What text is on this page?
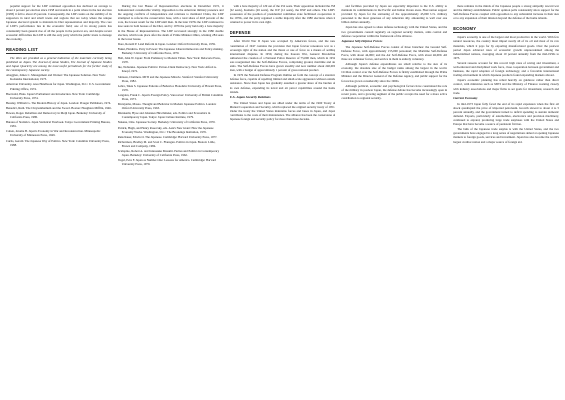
populist support for the LDP continued opposition has declined on average to about 2 percent per election since 1958 and stands in a point where in the last election (1983) it fell to about 45 percent. Consequently, the LDP counts on the stability of its supporters in rural and small towns and regions that are today where the unique Japanese electoral system to maintain its Diet representation and majority. The core of LDP's performance lies in the economic field; one of its strong points has consistently been general rise of all the people in the postwar era, and despite recent economic difficulties the LDP is still the only party which the public trusts to manage the economy.

READING LIST

The titles are provided as a general indication of the materials currently being published on Japan. The Journal of Asian Studies, The Journal of Japanese Studies and Japan Quarterly are among the most useful periodicals for the further study of the contemporary Japanese society.

Abegglen, James C. Management and Worker: The Japanese Solution. New York: Kodansha International, 1973.
American University. Area Handbook for Japan. Washington, D.C.: U.S. Government Printing Office, 1974.
Baerwald, Hans. Japan's Parliament: An Introduction. New York: Cambridge University Press, 1974.
Beasley, William G. The Modern History of Japan. London: Praeger Publishers, 1974.
Benedict, Ruth. The Chrysanthemum and the Sword. Boston: Houghton Mifflin, 1946.
Bowen, Roger. Rebellion and Democracy in Meiji Japan. Berkeley: University of California Press, 1980.
Bureau of Statistics. Japan Statistical Yearbook. Tokyo: Government Printing Bureau, 1981.
Cohen, Jerome B. Japan's Economy in War and Reconstruction. Minneapolis: University of Minnesota Press, 1949.
Curtis, Gerald. The Japanese Way of Politics. New York: Columbia University Press, 1988.

During the last House of Representatives elections in December 1972, it demonstrated considerable vitality. Opposition to the American military presence and the ongoing conflicts of independence and relations to mainland China, the LDP attempted to refocus the conservative base, with a total share of 46.8 percent of the vote, the lowest result for the LDP until then. In the later 1970s the LDP continued to lose seats in both houses of the Diet, and by 1976 the party held only a bare majority in the House of Representatives. The LDP recovered strongly in the 1980 double election, which took place after the death of Prime Minister Ohira, winning 284 seats in the lower house.

Dore, Ronald P. Land Reform in Japan. London: Oxford University Press, 1959.
Fukui, Haruhiro. Party in Power: The Japanese Liberal-Democrats and Policy-making. Berkeley: University of California Press, 1970.
Hall, John W. Japan: From Prehistory to Modern Times. New York: Delacorte Press, 1970.
Ike, Nobutaka. Japanese Politics: Patron-Client Democracy. New York: Alfred A. Knopf, 1972.
Johnson, Chalmers. MITI and the Japanese Miracle. Stanford: Stanford University Press, 1982.
Lebra, Takie S. Japanese Patterns of Behavior. Honolulu: University of Hawaii Press, 1976.
Langdon, Frank C. Japan's Foreign Policy. Vancouver: University of British Columbia Press, 1973.
Maruyama, Masao. Thought and Behavior in Modern Japanese Politics. London: Oxford University Press, 1963.
Murakami, Hyoe and Johannes Hirschmeier, eds. Politics and Economics in Contemporary Japan. Tokyo: Japan Culture Institute, 1979.
Nakane, Chie. Japanese Society. Berkeley: University of California Press, 1970.
Patrick, Hugh, and Henry Rosovsky, eds. Asia's New Giant: How the Japanese Economy Works. Washington, D.C.: The Brookings Institution, 1976.
Reischauer, Edwin O. The Japanese. Cambridge: Harvard University Press, 1977.
Richardson, Bradley M. and Scott C. Flanagan. Politics in Japan. Boston: Little, Brown and Company, 1984.
Scalapino, Robert A. and Junnosuke Masumi. Parties and Politics in Contemporary Japan. Berkeley: University of California Press, 1962.
Vogel, Ezra F. Japan as Number One: Lessons for America. Cambridge: Harvard University Press, 1979.

with a bare majority of 129 out of the 252 seats. Their opposition included the JSP (62 seats), Komeito (26 seats), the JCP (12 seats), the DSP and others. The LDP's possession of the position of presidential committee state facilitated cooperation in the 1970s, and the party regained a stable majority after the 1980 elections when it returned to power in its own right.

DEFENSE

After World War II Japan was occupied by American forces, and the new constitution of 1947 contains the provision that Japan forever renounces war as a sovereign right of the nation and the threat or use of force as a means of settling international disputes. In 1950, during the Korean War, General MacArthur authorized the creation of a National Police Reserve of 75,000 men, which in 1954 was reorganized into the Self-Defense Forces, comprising ground, maritime and air units. The Self-Defense Forces have grown steadily and now number about 240,000 men, with a budget of approximately 1 percent of gross national product.

In 1976 the National Defense Program Outline set forth the concept of a standard defense force, capable of repelling limited and small-scale aggression without outside assistance. Since then Japan has gradually assumed a greater share of the burden of its own defense, expanding its naval and air patrol capabilities around the home islands.

U.S.-Japan Security Relations

The United States and Japan are allied under the terms of the 1960 Treaty of Mutual Cooperation and Security, which replaced the original security treaty of 1951. Under the treaty the United States maintains forces and bases in Japan, and Japan contributes to the costs of their maintenance. The alliance has been the cornerstone of Japanese foreign and security policy for more than three decades.

and facilities provided by Japan are especially important to the U.S. ability to maintain its commitments in the Pacific and Indian Ocean areas. Host nation support provided by Japan for the stationing of the approximately 45,000 U.S. military personnel is the most generous of any American ally, amounting to well over one billion dollars annually.

Japan has also agreed to share defense technology with the United States, and the two governments consult regularly on regional security matters, arms control and defense cooperation within the framework of the alliance.

Japanese Self-Defense Forces

The Japanese Self-Defense Forces consist of three branches: the Ground Self-Defense Force, with approximately 155,000 personnel; the Maritime Self-Defense Force, with about 44,000; and the Air Self-Defense Force, with about 46,000. All three are volunteer forces, and service in them is entirely voluntary.

Although Japan's defense expenditures are small relative to the size of its economy, the absolute size of the budget ranks among the largest in the world. Civilian control over the Self-Defense Forces is firmly established through the Prime Minister and the Director General of the Defense Agency, and public support for the forces has grown considerably since the 1960s.

Although political, economic and psychological factors have constrained the role of the military in postwar Japan, the defense debate has become increasingly open in recent years, and a growing segment of the public accepts the need for a more active contribution to regional security.

there remains in the minds of the Japanese people a strong antipathy toward war and the military establishment. Public opinion polls consistently show support for the Self-Defense Forces coupled with opposition to any substantial increase in their size or to any expansion of their mission beyond the defense of the home islands.

ECONOMY

Japan's economy is one of the largest and most productive in the world. With few natural resources, the country must import nearly all of its oil and most of its raw materials, which it pays for by exporting manufactured goods. Over the postwar period Japan achieved rates of economic growth unprecedented among the industrialized nations, averaging about 10 percent annually from the mid-1950s to 1973.

Several reasons account for this record: high rates of saving and investment, a well-educated and disciplined work force, close cooperation between government and business, the rapid adoption of foreign technology, and a favorable international trading environment in which Japanese products found expanding markets abroad.

Japan's economic planning has relied heavily on guidance rather than direct control, with ministries such as MITI and the Ministry of Finance working closely with industry associations and major firms to set goals for investment, research and trade.

Current Economy

In mid-1973 Japan fully faced the end of its rapid expansion when the first oil shock quadrupled the price of imported petroleum. Growth slowed to about 4 to 5 percent annually, and the government turned to deficit spending to sustain domestic demand. Exports, particularly of automobiles, electronics and precision machinery, continued to expand, producing large trade surpluses with the United States and Europe that have become a source of persistent friction.

The bulk of the Japanese trade surplus is with the United States, and the two governments have engaged in a long series of negotiations aimed at opening Japanese markets to foreign goods, services and investment. Japan has also become the world's largest creditor nation and a major source of foreign aid.
